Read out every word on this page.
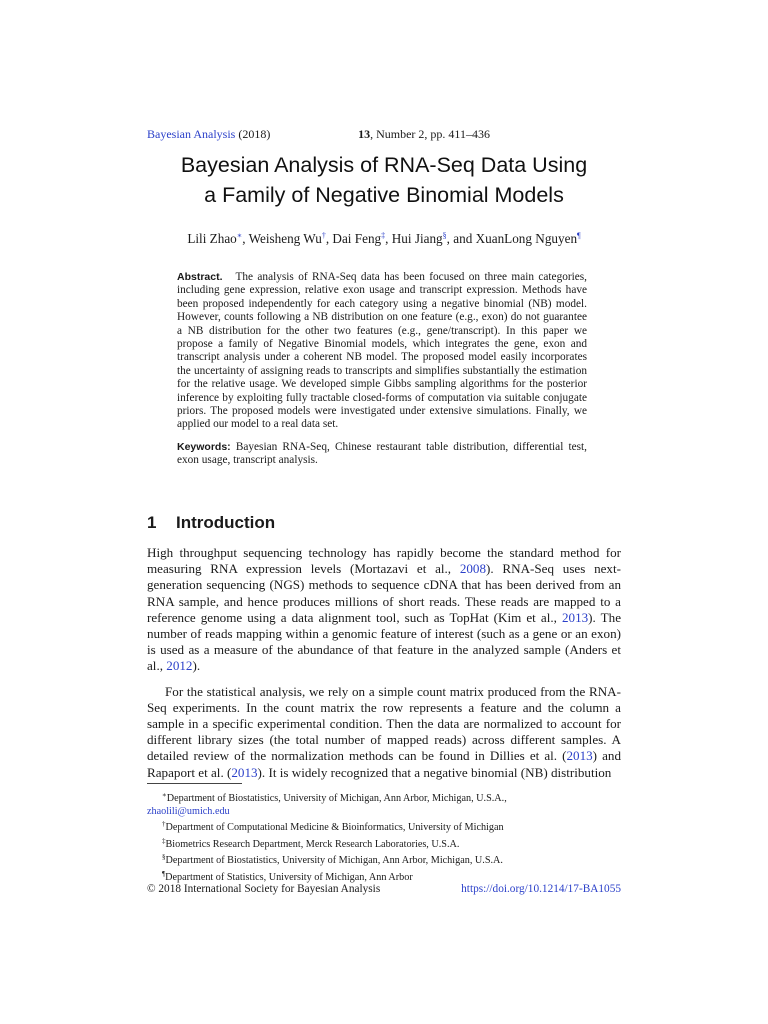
Bayesian Analysis (2018)	13, Number 2, pp. 411–436
Bayesian Analysis of RNA-Seq Data Using
a Family of Negative Binomial Models
Lili Zhao∗, Weisheng Wu†, Dai Feng‡, Hui Jiang§, and XuanLong Nguyen¶

Abstract. The analysis of RNA-Seq data has been focused on three main categories, including gene expression, relative exon usage and transcript expression. Methods have been proposed independently for each category using a negative binomial (NB) model. However, counts following a NB distribution on one feature (e.g., exon) do not guarantee a NB distribution for the other two features (e.g., gene/transcript). In this paper we propose a family of Negative Binomial models, which integrates the gene, exon and transcript analysis under a coherent NB model. The proposed model easily incorporates the uncertainty of assigning reads to transcripts and simplifies substantially the estimation for the relative usage. We developed simple Gibbs sampling algorithms for the posterior inference by exploiting fully tractable closed-forms of computation via suitable conjugate priors. The proposed models were investigated under extensive simulations. Finally, we applied our model to a real data set.

Keywords: Bayesian RNA-Seq, Chinese restaurant table distribution, differential test, exon usage, transcript analysis.

1 Introduction

High throughput sequencing technology has rapidly become the standard method for measuring RNA expression levels (Mortazavi et al., 2008). RNA-Seq uses next-generation sequencing (NGS) methods to sequence cDNA that has been derived from an RNA sample, and hence produces millions of short reads. These reads are mapped to a reference genome using a data alignment tool, such as TopHat (Kim et al., 2013). The number of reads mapping within a genomic feature of interest (such as a gene or an exon) is used as a measure of the abundance of that feature in the analyzed sample (Anders et al., 2012).

For the statistical analysis, we rely on a simple count matrix produced from the RNA-Seq experiments. In the count matrix the row represents a feature and the column a sample in a specific experimental condition. Then the data are normalized to account for different library sizes (the total number of mapped reads) across different samples. A detailed review of the normalization methods can be found in Dillies et al. (2013) and Rapaport et al. (2013). It is widely recognized that a negative binomial (NB) distribution

∗Department of Biostatistics, University of Michigan, Ann Arbor, Michigan, U.S.A.,
zhaolili@umich.edu
†Department of Computational Medicine & Bioinformatics, University of Michigan
‡Biometrics Research Department, Merck Research Laboratories, U.S.A.
§Department of Biostatistics, University of Michigan, Ann Arbor, Michigan, U.S.A.
¶Department of Statistics, University of Michigan, Ann Arbor
© 2018 International Society for Bayesian Analysis	https://doi.org/10.1214/17-BA1055
